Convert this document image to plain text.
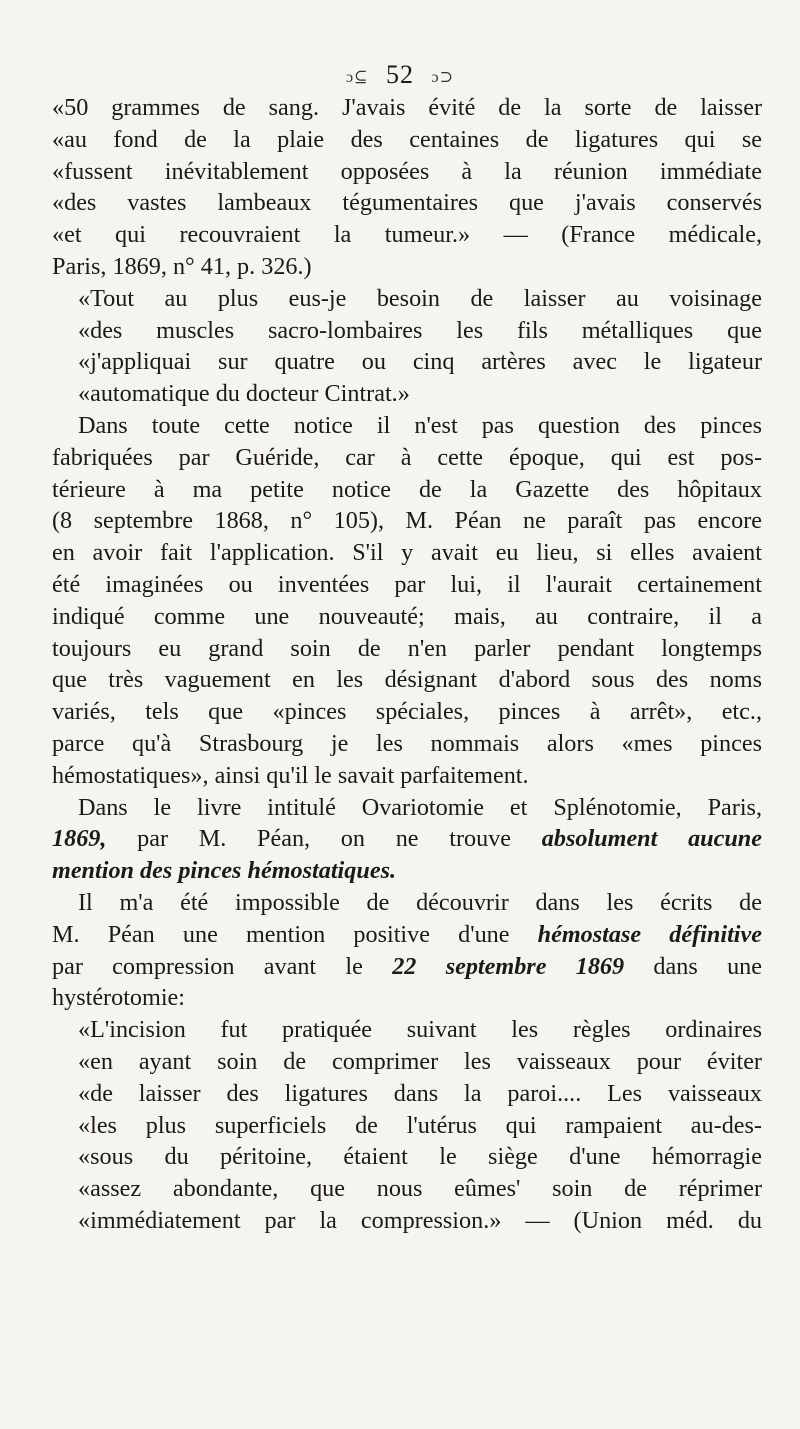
ɔ⊆ 52 ɔ⊃
«50 grammes de sang. J'avais évité de la sorte de laisser
«au fond de la plaie des centaines de ligatures qui se
«fussent inévitablement opposées à la réunion immédiate
«des vastes lambeaux tégumentaires que j'avais conservés
«et qui recouvraient la tumeur.» — (France médicale,
Paris, 1869, n° 41, p. 326.)
«Tout au plus eus-je besoin de laisser au voisinage
«des muscles sacro-lombaires les fils métalliques que
«j'appliquai sur quatre ou cinq artères avec le ligateur
«automatique du docteur Cintrat.»
Dans toute cette notice il n'est pas question des pinces
fabriquées par Guéride, car à cette époque, qui est pos-
térieure à ma petite notice de la Gazette des hôpitaux
(8 septembre 1868, n° 105), M. Péan ne paraît pas encore
en avoir fait l'application. S'il y avait eu lieu, si elles avaient
été imaginées ou inventées par lui, il l'aurait certainement
indiqué comme une nouveauté; mais, au contraire, il a
toujours eu grand soin de n'en parler pendant longtemps
que très vaguement en les désignant d'abord sous des noms
variés, tels que «pinces spéciales, pinces à arrêt», etc.,
parce qu'à Strasbourg je les nommais alors «mes pinces
hémostatiques», ainsi qu'il le savait parfaitement.
Dans le livre intitulé Ovariotomie et Splénotomie, Paris,
1869, par M. Péan, on ne trouve absolument aucune
mention des pinces hémostatiques.
Il m'a été impossible de découvrir dans les écrits de
M. Péan une mention positive d'une hémostase définitive
par compression avant le 22 septembre 1869 dans une
hystérotomie:
«L'incision fut pratiquée suivant les règles ordinaires
«en ayant soin de comprimer les vaisseaux pour éviter
«de laisser des ligatures dans la paroi.... Les vaisseaux
«les plus superficiels de l'utérus qui rampaient au-des-
«sous du péritoine, étaient le siège d'une hémorragie
«assez abondante, que nous eûmes' soin de réprimer
«immédiatement par la compression.» — (Union méd. du
